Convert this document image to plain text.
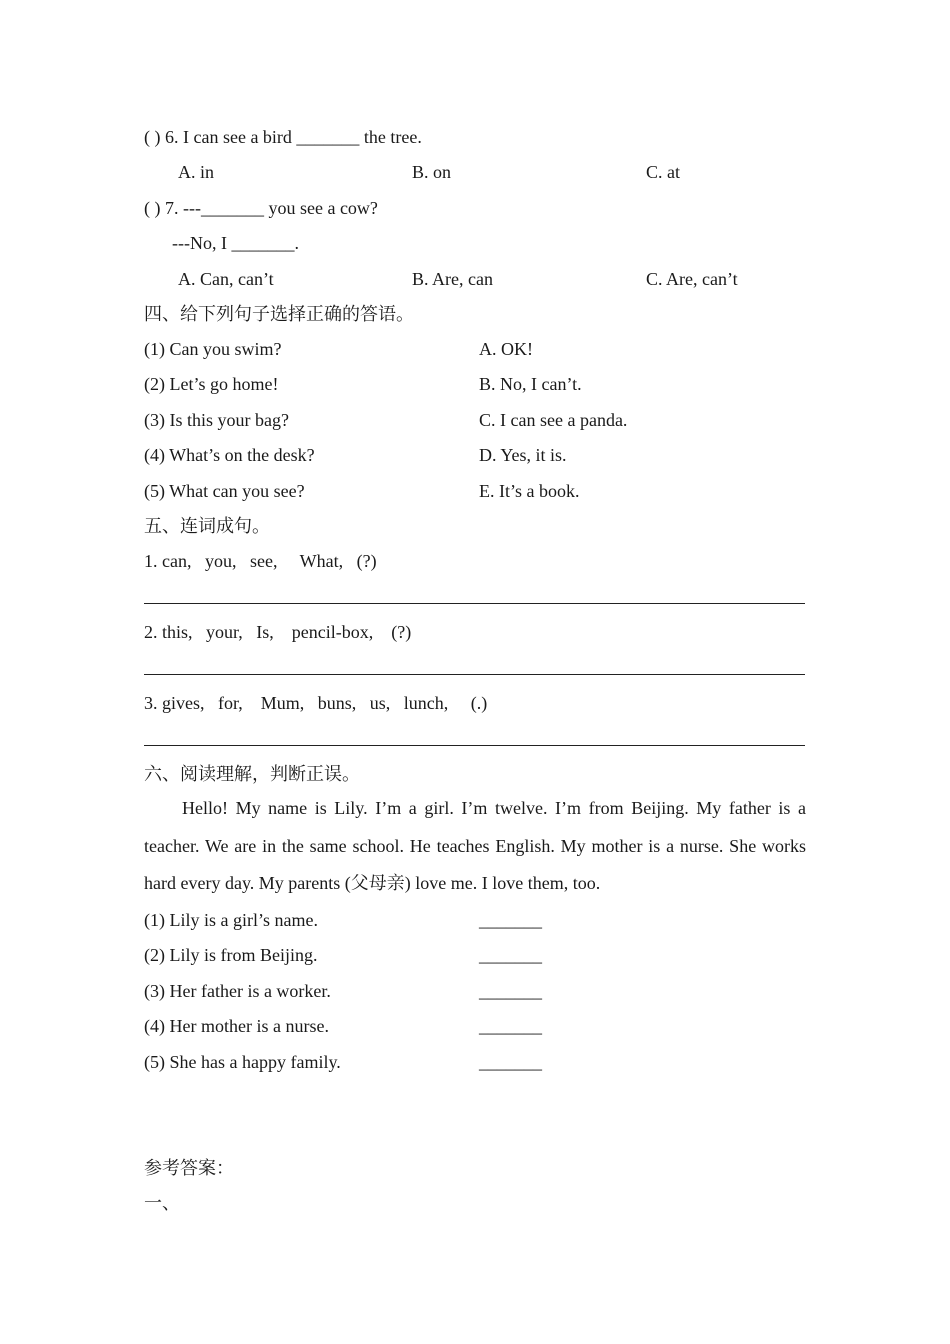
( ) 6. I can see a bird _______ the tree.
A. in	B. on	C. at
( ) 7. ---_______ you see a cow?
---No, I _______.
A. Can, can’t	B. Are, can	C. Are, can’t
四、给下列句子选择正确的答语。
(1) Can you swim?	A. OK!
(2) Let’s go home!	B. No, I can’t.
(3) Is this your bag?	C. I can see a panda.
(4) What’s on the desk?	D. Yes, it is.
(5) What can you see?	E. It’s a book.
五、连词成句。
1. can,   you,   see,     What,   (?)
2. this,   your,   Is,    pencil-box,    (?)
3. gives,   for,    Mum,   buns,   us,   lunch,     (.)
六、阅读理解，判断正误。
Hello! My name is Lily. I’m a girl. I’m twelve. I’m from Beijing. My father is a teacher. We are in the same school. He teaches English. My mother is a nurse. She works hard every day. My parents (父母亲) love me. I love them, too.
(1) Lily is a girl’s name.	_______
(2) Lily is from Beijing.	_______
(3) Her father is a worker.	_______
(4) Her mother is a nurse.	_______
(5) She has a happy family.	_______
参考答案：
一、
